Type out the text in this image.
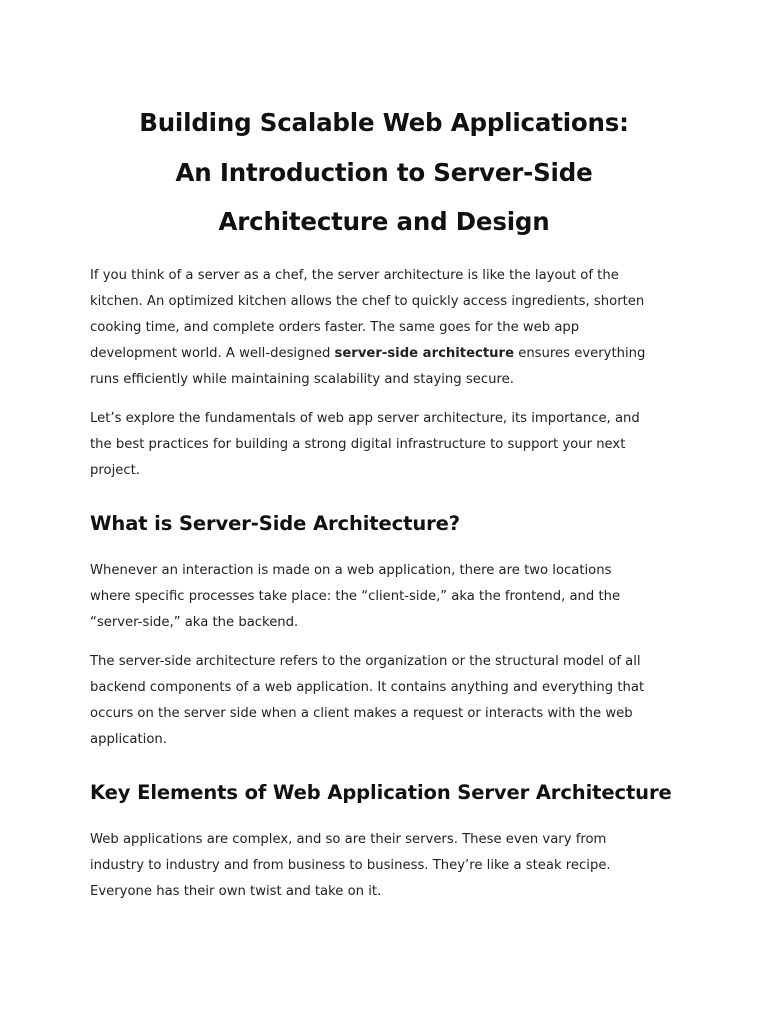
Building Scalable Web Applications:
An Introduction to Server-Side
Architecture and Design
If you think of a server as a chef, the server architecture is like the layout of the
kitchen. An optimized kitchen allows the chef to quickly access ingredients, shorten
cooking time, and complete orders faster. The same goes for the web app
development world. A well-designed server-side architecture ensures everything
runs efficiently while maintaining scalability and staying secure.
Let’s explore the fundamentals of web app server architecture, its importance, and
the best practices for building a strong digital infrastructure to support your next
project.
What is Server-Side Architecture?
Whenever an interaction is made on a web application, there are two locations
where specific processes take place: the “client-side,” aka the frontend, and the
“server-side,” aka the backend.
The server-side architecture refers to the organization or the structural model of all
backend components of a web application. It contains anything and everything that
occurs on the server side when a client makes a request or interacts with the web
application.
Key Elements of Web Application Server Architecture
Web applications are complex, and so are their servers. These even vary from
industry to industry and from business to business. They’re like a steak recipe.
Everyone has their own twist and take on it.
